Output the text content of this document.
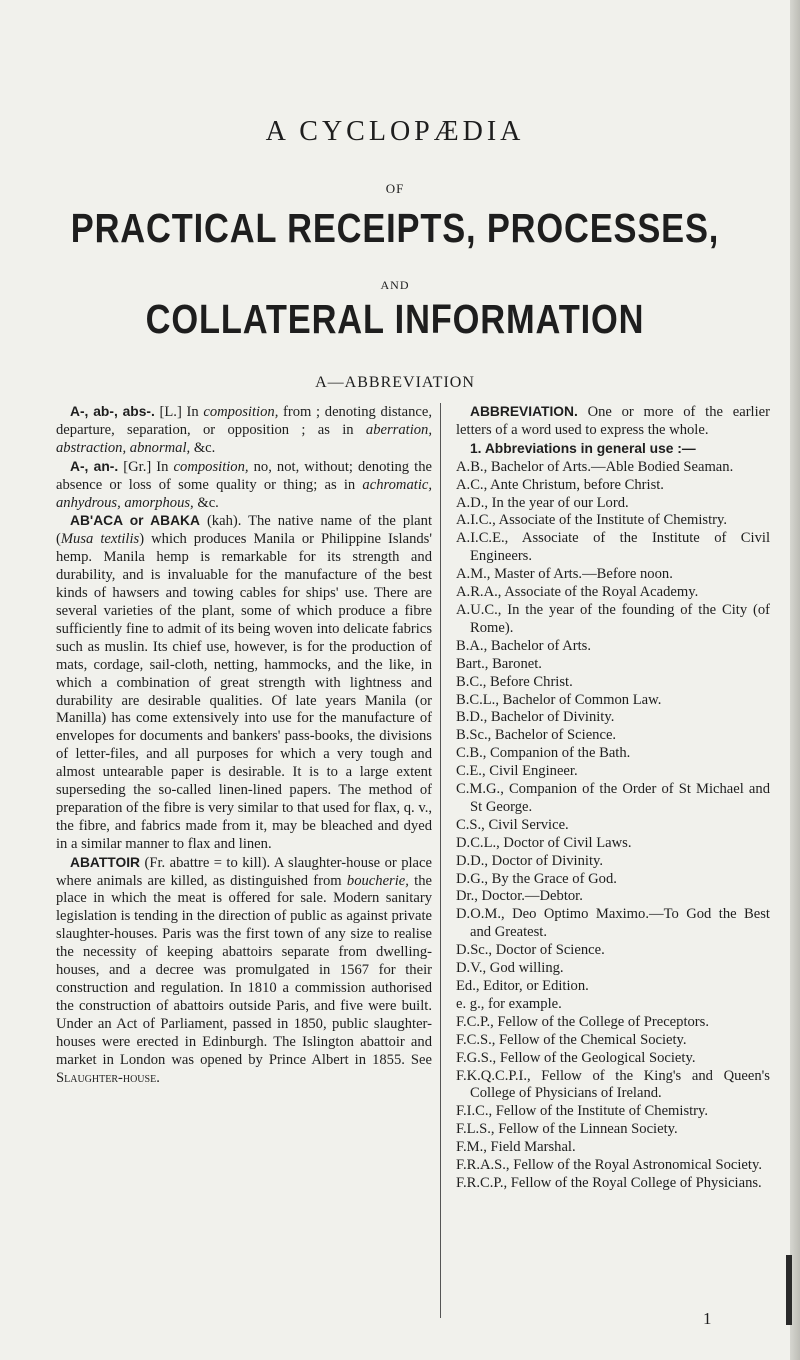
A CYCLOPÆDIA
OF
PRACTICAL RECEIPTS, PROCESSES,
AND
COLLATERAL INFORMATION
A—ABBREVIATION

A-, ab-, abs-. [L.] In composition, from ; denoting distance, departure, separation, or opposition ; as in aberration, abstraction, abnormal, &c.

A-, an-. [Gr.] In composition, no, not, without; denoting the absence or loss of some quality or thing; as in achromatic, anhydrous, amorphous, &c.

AB'ACA or ABAKA (kah). The native name of the plant (Musa textilis) which produces Manila or Philippine Islands' hemp. Manila hemp is remarkable for its strength and durability, and is invaluable for the manufacture of the best kinds of hawsers and towing cables for ships' use. There are several varieties of the plant, some of which produce a fibre sufficiently fine to admit of its being woven into delicate fabrics such as muslin. Its chief use, however, is for the production of mats, cordage, sail-cloth, netting, hammocks, and the like, in which a combination of great strength with lightness and durability are desirable qualities. Of late years Manila (or Manilla) has come extensively into use for the manufacture of envelopes for documents and bankers' pass-books, the divisions of letter-files, and all purposes for which a very tough and almost untearable paper is desirable. It is to a large extent superseding the so-called linen-lined papers. The method of preparation of the fibre is very similar to that used for flax, q. v., the fibre, and fabrics made from it, may be bleached and dyed in a similar manner to flax and linen.

ABATTOIR (Fr. abattre = to kill). A slaughter-house or place where animals are killed, as distinguished from boucherie, the place in which the meat is offered for sale. Modern sanitary legislation is tending in the direction of public as against private slaughter-houses. Paris was the first town of any size to realise the necessity of keeping abattoirs separate from dwelling-houses, and a decree was promulgated in 1567 for their construction and regulation. In 1810 a commission authorised the construction of abattoirs outside Paris, and five were built. Under an Act of Parliament, passed in 1850, public slaughter-houses were erected in Edinburgh. The Islington abattoir and market in London was opened by Prince Albert in 1855. See Slaughter-house.

ABBREVIATION. One or more of the earlier letters of a word used to express the whole.

1. Abbreviations in general use :—

A.B., Bachelor of Arts.—Able Bodied Seaman.

A.C., Ante Christum, before Christ.

A.D., In the year of our Lord.

A.I.C., Associate of the Institute of Chemistry.

A.I.C.E., Associate of the Institute of Civil Engineers.

A.M., Master of Arts.—Before noon.

A.R.A., Associate of the Royal Academy.

A.U.C., In the year of the founding of the City (of Rome).

B.A., Bachelor of Arts.

Bart., Baronet.

B.C., Before Christ.

B.C.L., Bachelor of Common Law.

B.D., Bachelor of Divinity.

B.Sc., Bachelor of Science.

C.B., Companion of the Bath.

C.E., Civil Engineer.

C.M.G., Companion of the Order of St Michael and St George.

C.S., Civil Service.

D.C.L., Doctor of Civil Laws.

D.D., Doctor of Divinity.

D.G., By the Grace of God.

Dr., Doctor.—Debtor.

D.O.M., Deo Optimo Maximo.—To God the Best and Greatest.

D.Sc., Doctor of Science.

D.V., God willing.

Ed., Editor, or Edition.

e. g., for example.

F.C.P., Fellow of the College of Preceptors.

F.C.S., Fellow of the Chemical Society.

F.G.S., Fellow of the Geological Society.

F.K.Q.C.P.I., Fellow of the King's and Queen's College of Physicians of Ireland.

F.I.C., Fellow of the Institute of Chemistry.

F.L.S., Fellow of the Linnean Society.

F.M., Field Marshal.

F.R.A.S., Fellow of the Royal Astronomical Society.

F.R.C.P., Fellow of the Royal College of Physicians.

1
